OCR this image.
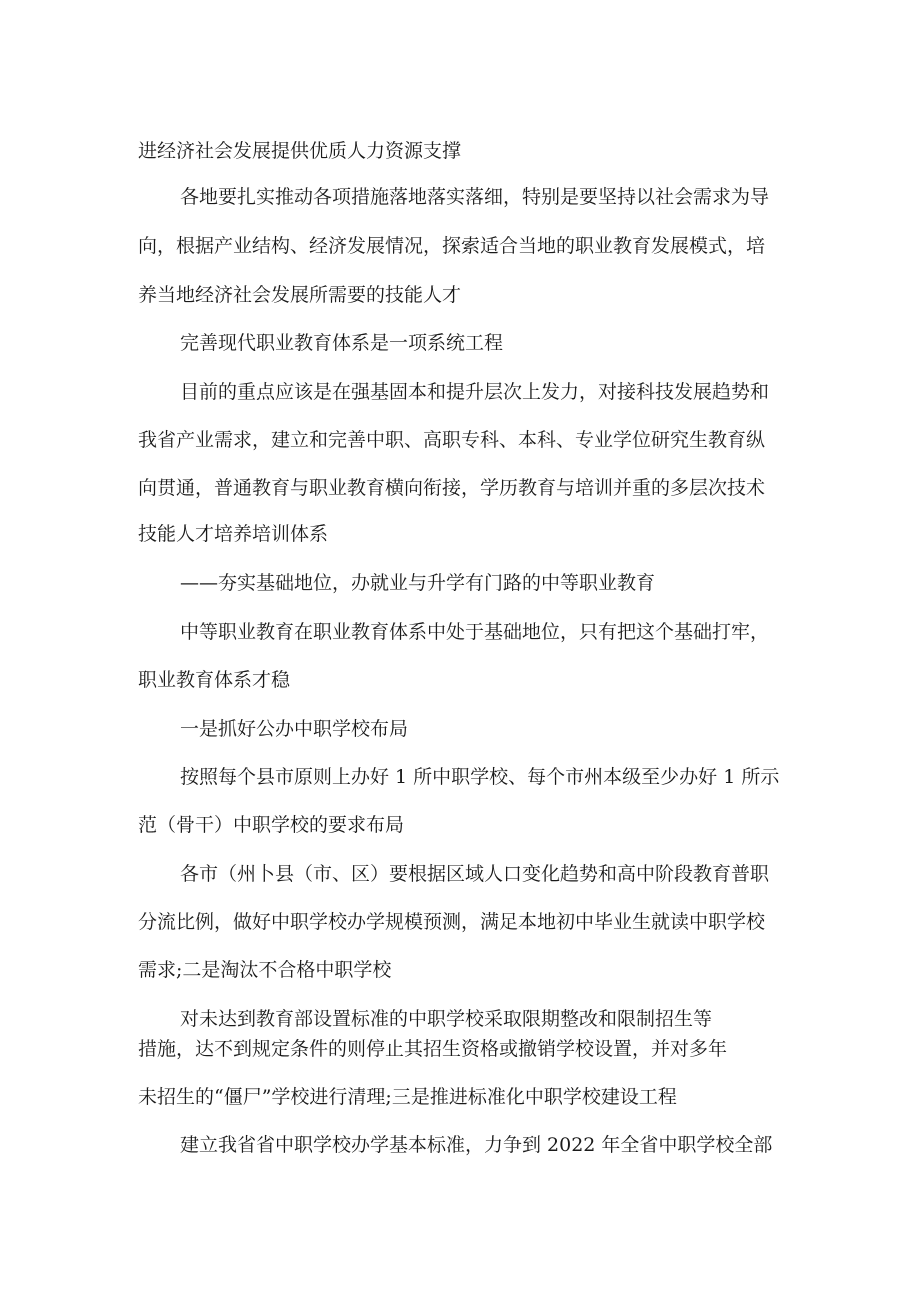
进经济社会发展提供优质人力资源支撑
各地要扎实推动各项措施落地落实落细，特别是要坚持以社会需求为导
向，根据产业结构、经济发展情况，探索适合当地的职业教育发展模式，培
养当地经济社会发展所需要的技能人才
完善现代职业教育体系是一项系统工程
目前的重点应该是在强基固本和提升层次上发力，对接科技发展趋势和
我省产业需求，建立和完善中职、高职专科、本科、专业学位研究生教育纵
向贯通，普通教育与职业教育横向衔接，学历教育与培训并重的多层次技术
技能人才培养培训体系
——夯实基础地位，办就业与升学有门路的中等职业教育
中等职业教育在职业教育体系中处于基础地位，只有把这个基础打牢，
职业教育体系才稳
一是抓好公办中职学校布局
按照每个县市原则上办好 1 所中职学校、每个市州本级至少办好 1 所示
范（骨干）中职学校的要求布局
各市（州卜县（市、区）要根据区域人口变化趋势和高中阶段教育普职
分流比例，做好中职学校办学规模预测，满足本地初中毕业生就读中职学校
需求;二是淘汰不合格中职学校
对未达到教育部设置标准的中职学校采取限期整改和限制招生等
措施，达不到规定条件的则停止其招生资格或撤销学校设置，并对多年
未招生的“僵尸”学校进行清理;三是推进标准化中职学校建设工程
建立我省省中职学校办学基本标准，力争到 2022 年全省中职学校全部
